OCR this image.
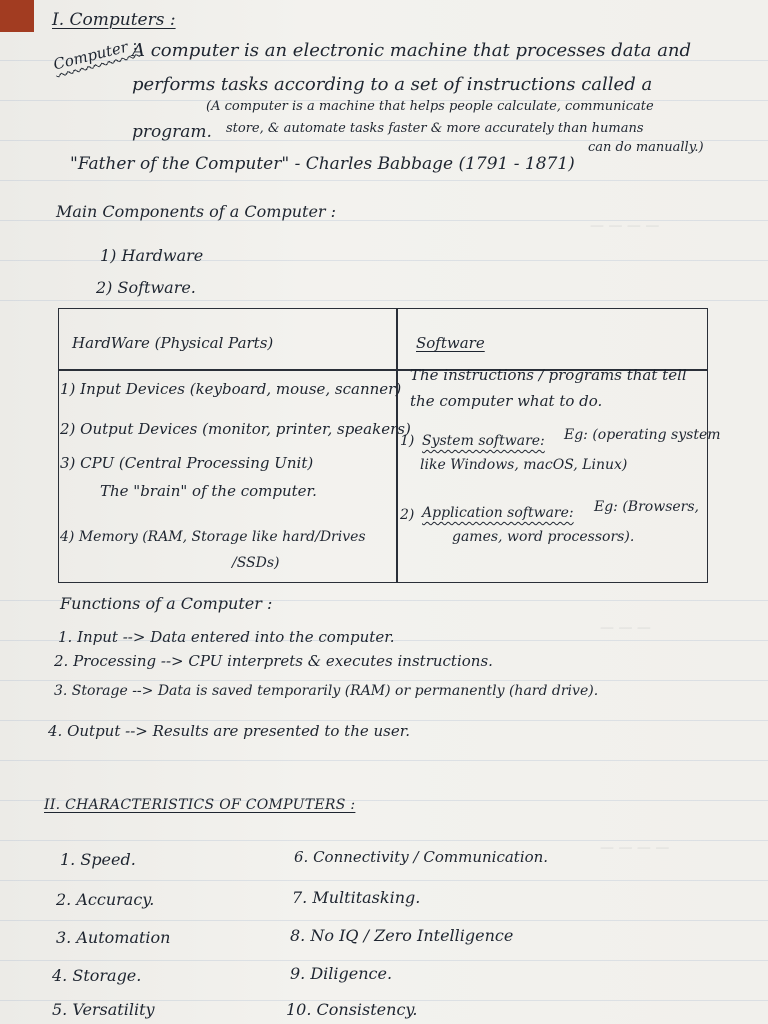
— — — —
— — —
— — — —
I. Computers :
Computer :
A computer is an electronic machine that processes data and
performs tasks according to a set of instructions called a
program.
(A computer is a machine that helps people calculate, communicate
store, & automate tasks faster & more accurately than humans
can do manually.)
"Father of the Computer" - Charles Babbage (1791 - 1871)
Main Components of a Computer :
1) Hardware
2) Software.
HardWare (Physical Parts)	Software
1) Input Devices (keyboard, mouse, scanner)
2) Output Devices (monitor, printer, speakers)
3) CPU (Central Processing Unit)
The "brain" of the computer.
4) Memory (RAM, Storage like hard/Drives
/SSDs)
The instructions / programs that tell
the computer what to do.
1) System software: Eg: (operating system
like Windows, macOS, Linux)
2) Application software: Eg: (Browsers,
games, word processors).
Functions of a Computer :
1. Input --> Data entered into the computer.
2. Processing --> CPU interprets & executes instructions.
3. Storage --> Data is saved temporarily (RAM) or permanently (hard drive).
4. Output --> Results are presented to the user.
II. CHARACTERISTICS OF COMPUTERS :
1. Speed.
2. Accuracy.
3. Automation
4. Storage.
5. Versatility
6. Connectivity / Communication.
7. Multitasking.
8. No IQ / Zero Intelligence
9. Diligence.
10. Consistency.
